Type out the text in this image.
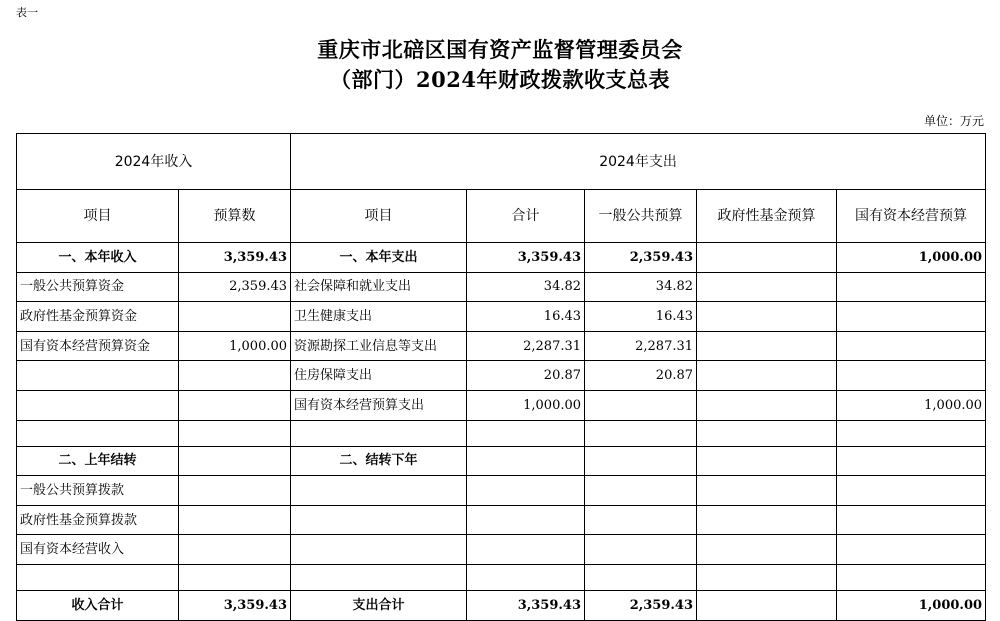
表一
重庆市北碚区国有资产监督管理委员会
（部门）2024年财政拨款收支总表
单位：万元
2024年收入		2024年支出				
项目	预算数	项目	合计	一般公共预算	政府性基金预算	国有资本经营预算
一、本年收入	3,359.43	一、本年支出	3,359.43	2,359.43		1,000.00
一般公共预算资金	2,359.43	社会保障和就业支出	34.82	34.82		
政府性基金预算资金		卫生健康支出	16.43	16.43		
国有资本经营预算资金	1,000.00	资源勘探工业信息等支出	2,287.31	2,287.31		
		住房保障支出	20.87	20.87		
		国有资本经营预算支出	1,000.00			1,000.00

二、上年结转		二、结转下年				
一般公共预算拨款						
政府性基金预算拨款						
国有资本经营收入						

收入合计	3,359.43	支出合计	3,359.43	2,359.43		1,000.00
